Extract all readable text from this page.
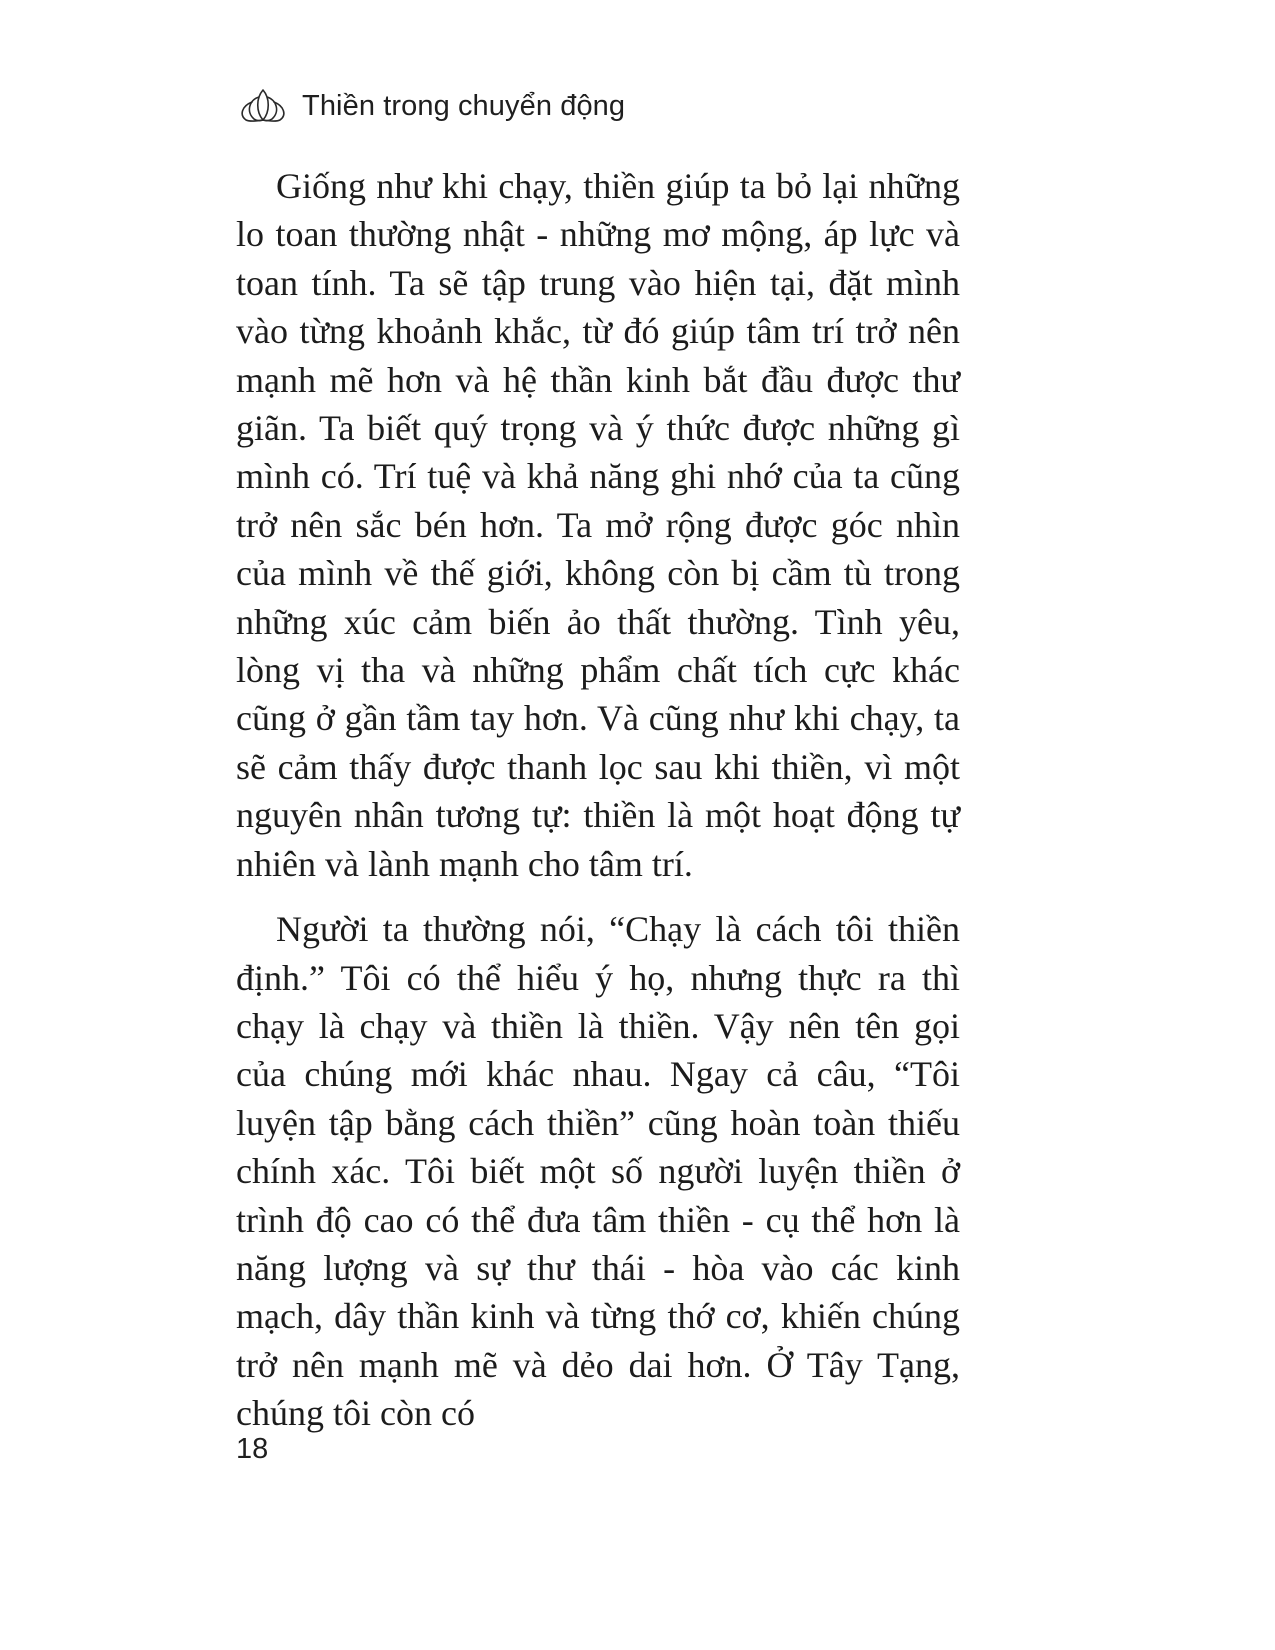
Thiền trong chuyển động

Giống như khi chạy, thiền giúp ta bỏ lại những lo toan thường nhật - những mơ mộng, áp lực và toan tính. Ta sẽ tập trung vào hiện tại, đặt mình vào từng khoảnh khắc, từ đó giúp tâm trí trở nên mạnh mẽ hơn và hệ thần kinh bắt đầu được thư giãn. Ta biết quý trọng và ý thức được những gì mình có. Trí tuệ và khả năng ghi nhớ của ta cũng trở nên sắc bén hơn. Ta mở rộng được góc nhìn của mình về thế giới, không còn bị cầm tù trong những xúc cảm biến ảo thất thường. Tình yêu, lòng vị tha và những phẩm chất tích cực khác cũng ở gần tầm tay hơn. Và cũng như khi chạy, ta sẽ cảm thấy được thanh lọc sau khi thiền, vì một nguyên nhân tương tự: thiền là một hoạt động tự nhiên và lành mạnh cho tâm trí.

Người ta thường nói, “Chạy là cách tôi thiền định.” Tôi có thể hiểu ý họ, nhưng thực ra thì chạy là chạy và thiền là thiền. Vậy nên tên gọi của chúng mới khác nhau. Ngay cả câu, “Tôi luyện tập bằng cách thiền” cũng hoàn toàn thiếu chính xác. Tôi biết một số người luyện thiền ở trình độ cao có thể đưa tâm thiền - cụ thể hơn là năng lượng và sự thư thái - hòa vào các kinh mạch, dây thần kinh và từng thớ cơ, khiến chúng trở nên mạnh mẽ và dẻo dai hơn. Ở Tây Tạng, chúng tôi còn có

18
